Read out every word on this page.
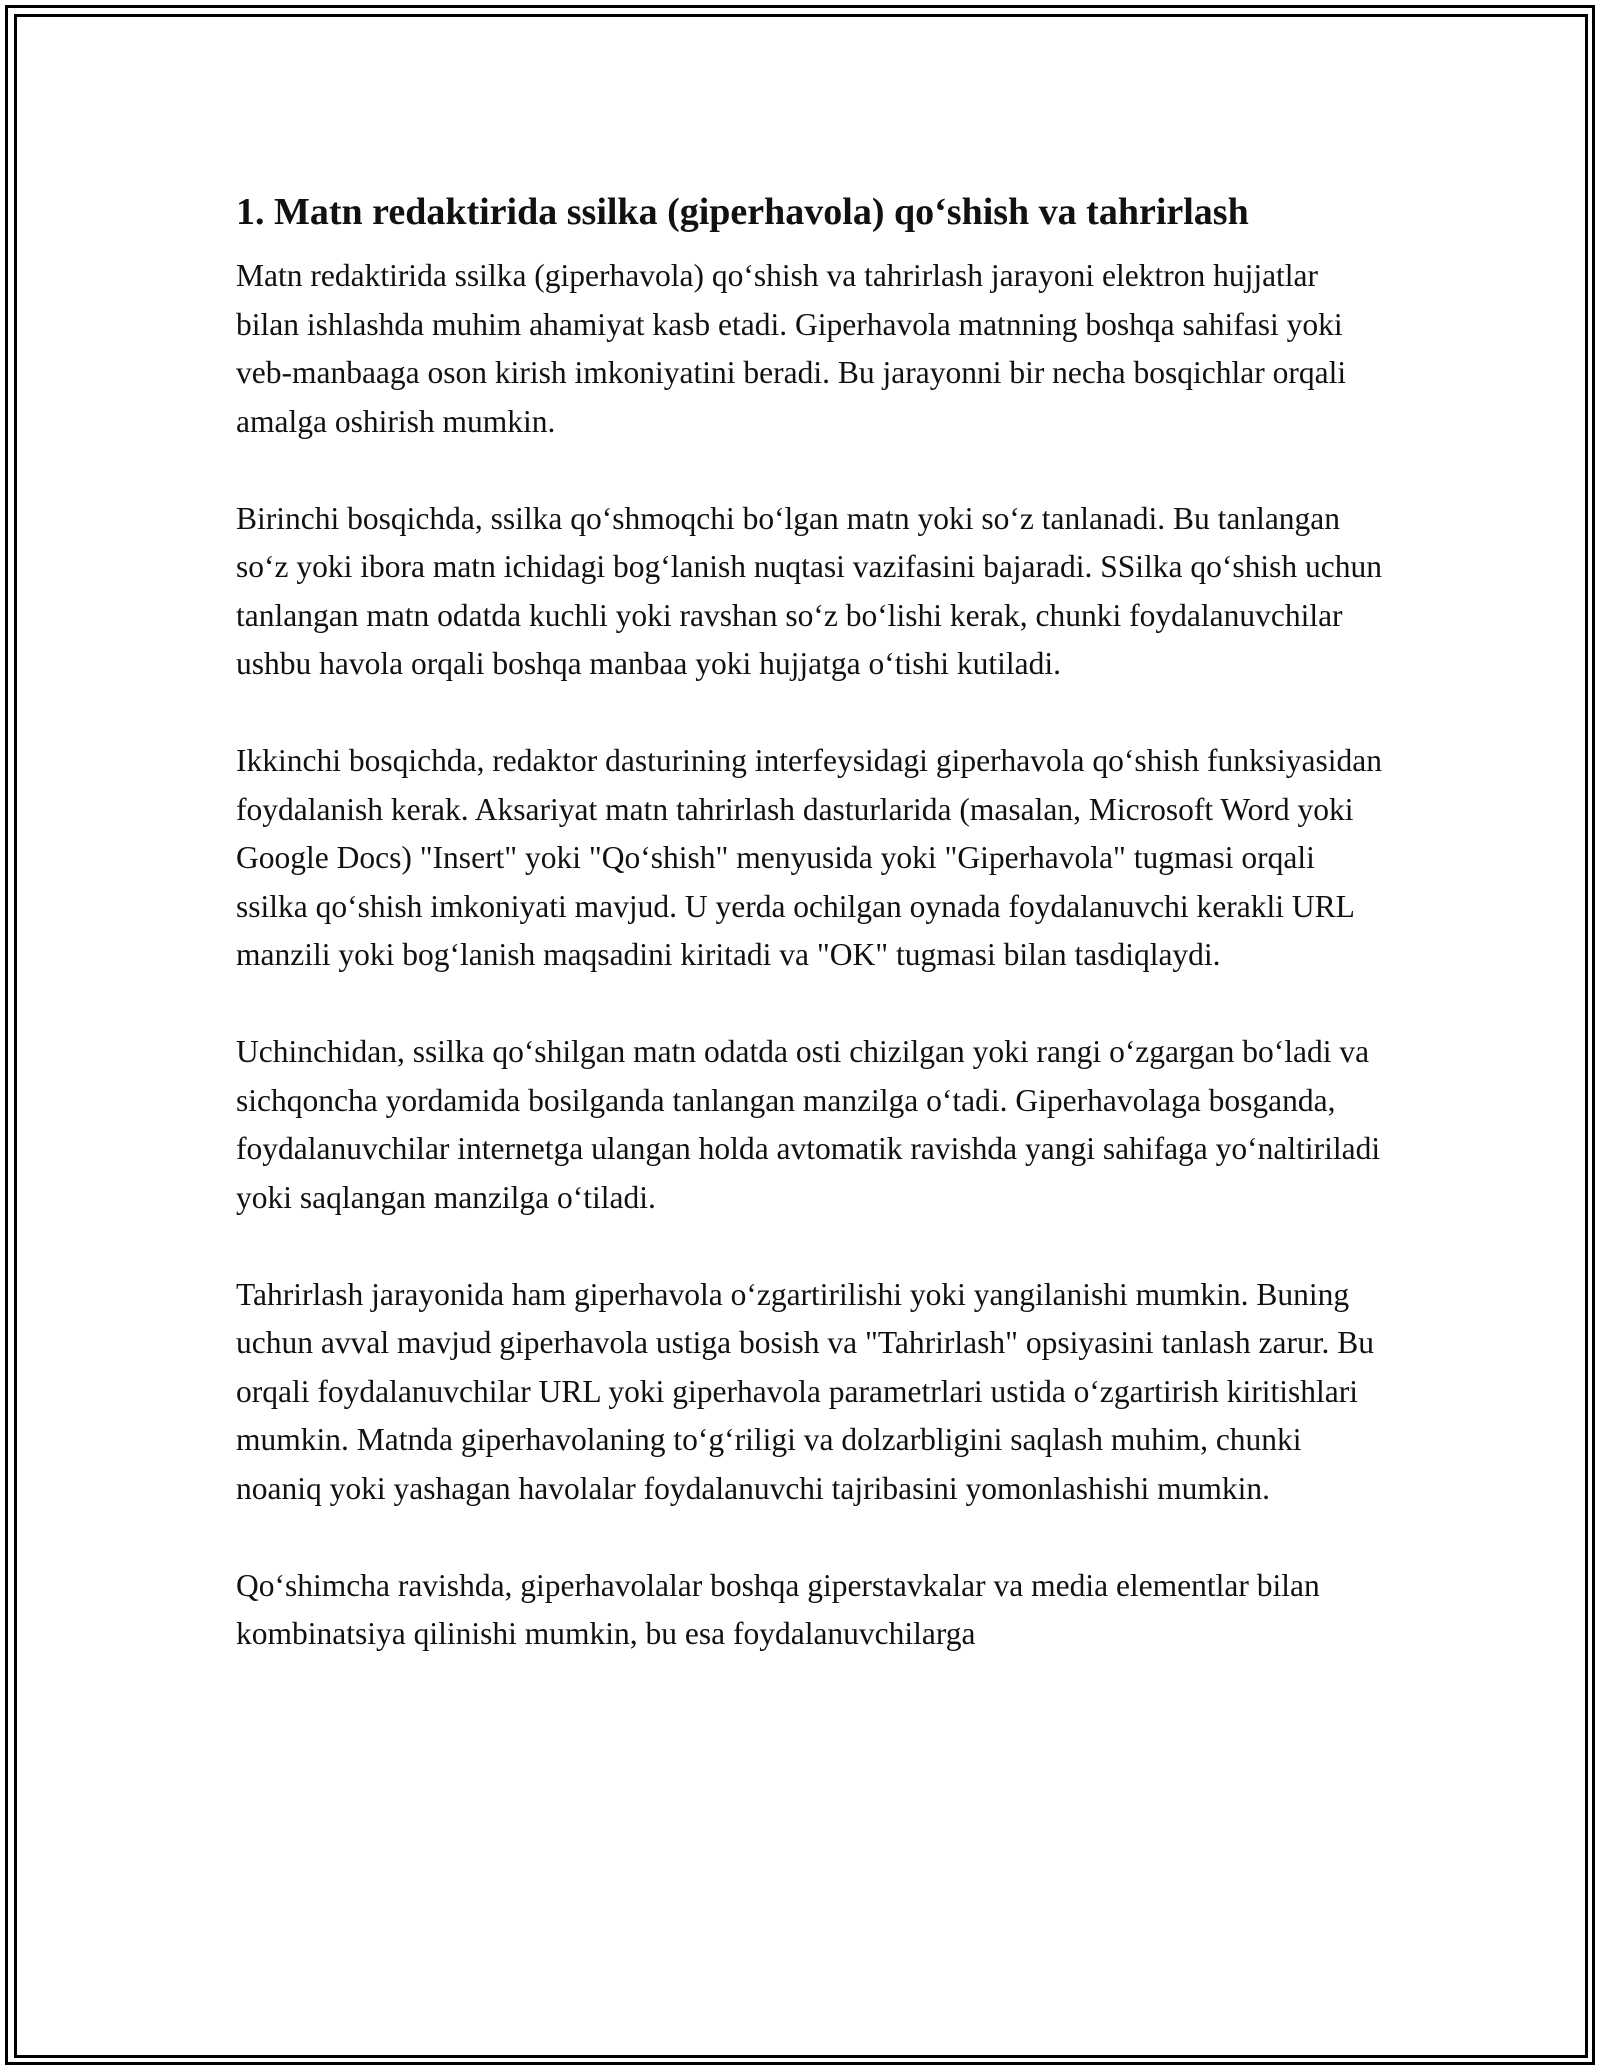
1. Matn redaktirida ssilka (giperhavola) qo‘shish va tahrirlash

Matn redaktirida ssilka (giperhavola) qo‘shish va tahrirlash jarayoni elektron hujjatlar bilan ishlashda muhim ahamiyat kasb etadi. Giperhavola matnning boshqa sahifasi yoki veb-manbaaga oson kirish imkoniyatini beradi. Bu jarayonni bir necha bosqichlar orqali amalga oshirish mumkin.

Birinchi bosqichda, ssilka qo‘shmoqchi bo‘lgan matn yoki so‘z tanlanadi. Bu tanlangan so‘z yoki ibora matn ichidagi bog‘lanish nuqtasi vazifasini bajaradi. SSilka qo‘shish uchun tanlangan matn odatda kuchli yoki ravshan so‘z bo‘lishi kerak, chunki foydalanuvchilar ushbu havola orqali boshqa manbaa yoki hujjatga o‘tishi kutiladi.

Ikkinchi bosqichda, redaktor dasturining interfeysidagi giperhavola qo‘shish funksiyasidan foydalanish kerak. Aksariyat matn tahrirlash dasturlarida (masalan, Microsoft Word yoki Google Docs) "Insert" yoki "Qo‘shish" menyusida yoki "Giperhavola" tugmasi orqali ssilka qo‘shish imkoniyati mavjud. U yerda ochilgan oynada foydalanuvchi kerakli URL manzili yoki bog‘lanish maqsadini kiritadi va "OK" tugmasi bilan tasdiqlaydi.

Uchinchidan, ssilka qo‘shilgan matn odatda osti chizilgan yoki rangi o‘zgargan bo‘ladi va sichqoncha yordamida bosilganda tanlangan manzilga o‘tadi. Giperhavolaga bosganda, foydalanuvchilar internetga ulangan holda avtomatik ravishda yangi sahifaga yo‘naltiriladi yoki saqlangan manzilga o‘tiladi.

Tahrirlash jarayonida ham giperhavola o‘zgartirilishi yoki yangilanishi mumkin. Buning uchun avval mavjud giperhavola ustiga bosish va "Tahrirlash" opsiyasini tanlash zarur. Bu orqali foydalanuvchilar URL yoki giperhavola parametrlari ustida o‘zgartirish kiritishlari mumkin. Matnda giperhavolaning to‘g‘riligi va dolzarbligini saqlash muhim, chunki noaniq yoki yashagan havolalar foydalanuvchi tajribasini yomonlashishi mumkin.

Qo‘shimcha ravishda, giperhavolalar boshqa giperstavkalar va media elementlar bilan kombinatsiya qilinishi mumkin, bu esa foydalanuvchilarga
